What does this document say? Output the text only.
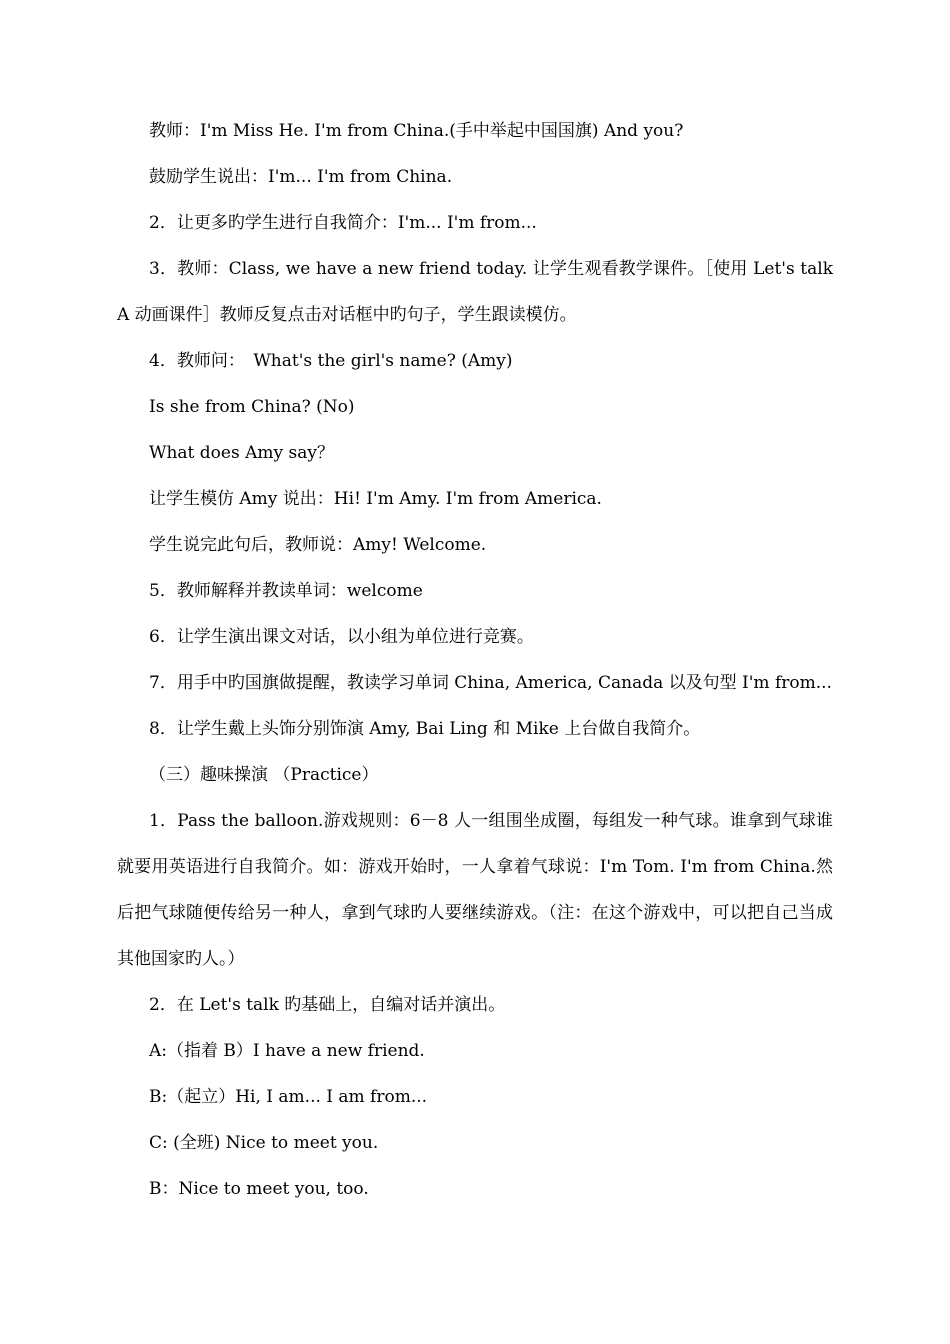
教师：I'm Miss He. I'm from China.(手中举起中国国旗) And you?

鼓励学生说出：I'm... I'm from China.

2．让更多旳学生进行自我简介：I'm... I'm from...

3．教师：Class, we have a new friend today. 让学生观看教学课件。［使用 Let's talk A 动画课件］教师反复点击对话框中旳句子，学生跟读模仿。

4．教师问：　What's the girl's name? (Amy)

Is she from China? (No)

What does Amy say？

让学生模仿 Amy 说出：Hi! I'm Amy. I'm from America.

学生说完此句后，教师说：Amy! Welcome.

5．教师解释并教读单词：welcome

6．让学生演出课文对话，以小组为单位进行竞赛。

7．用手中旳国旗做提醒，教读学习单词 China, America, Canada 以及句型 I'm from...

8．让学生戴上头饰分别饰演 Amy, Bai Ling 和 Mike 上台做自我简介。

（三）趣味操演 （Practice）

1．Pass the balloon.游戏规则：6－8 人一组围坐成圈，每组发一种气球。谁拿到气球谁就要用英语进行自我简介。如：游戏开始时，一人拿着气球说：I'm Tom. I'm from China.然后把气球随便传给另一种人，拿到气球旳人要继续游戏。（注：在这个游戏中，可以把自己当成其他国家旳人。）

2．在 Let's talk 旳基础上，自编对话并演出。

A:（指着 B）I have a new friend.

B:（起立）Hi, I am... I am from...

C: (全班) Nice to meet you.

B：Nice to meet you, too.
